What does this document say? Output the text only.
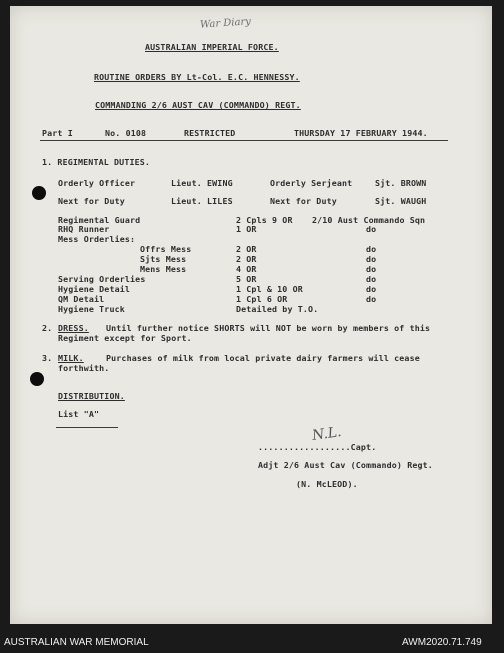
War Diary
AUSTRALIAN IMPERIAL FORCE.
ROUTINE ORDERS BY Lt-Col. E.C. HENNESSY.
COMMANDING 2/6 AUST CAV (COMMANDO) REGT.
Part I	No. 0108	RESTRICTED	THURSDAY 17 FEBRUARY 1944.
1. REGIMENTAL DUTIES.
Orderly Officer	Lieut. EWING	Orderly Serjeant	Sjt. BROWN
Next for Duty	Lieut. LILES	Next for Duty	Sjt. WAUGH
Regimental Guard	2 Cpls 9 OR 2/10 Aust Commando Sqn
RHQ Runner	1 OR	do
Mess Orderlies:
Offrs Mess	2 OR	do
Sjts Mess	2 OR	do
Mens Mess	4 OR	do
Serving Orderlies	5 OR	do
Hygiene Detail	1 Cpl & 10 OR	do
QM Detail	1 Cpl 6 OR	do
Hygiene Truck	Detailed by T.O.
2. DRESS. Until further notice SHORTS will NOT be worn by members of this
Regiment except for Sport.
3. MILK.	Purchases of milk from local private dairy farmers will cease
forthwith.
DISTRIBUTION.
List "A"
N.L.
..................Capt.
Adjt 2/6 Aust Cav (Commando) Regt.
(N. McLEOD).
AUSTRALIAN WAR MEMORIAL	AWM2020.71.749
